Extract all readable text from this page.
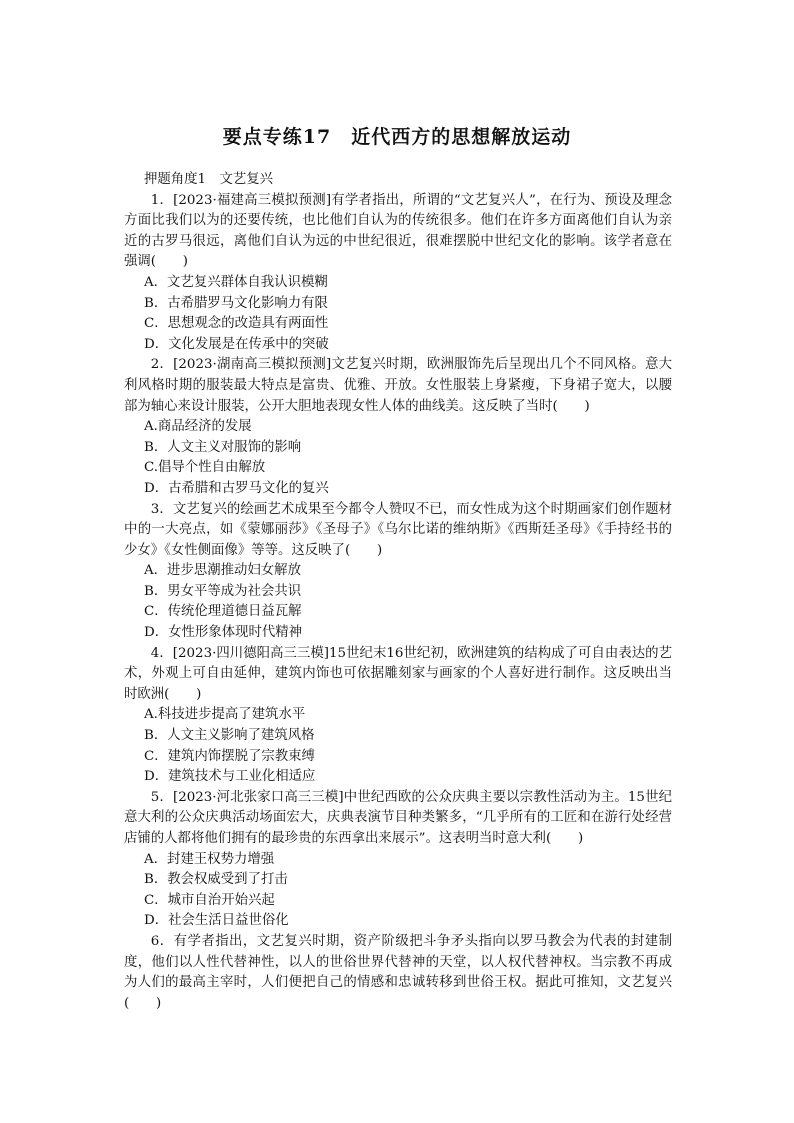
要点专练17　近代西方的思想解放运动

押题角度1　文艺复兴

1．[2023·福建高三模拟预测]有学者指出，所谓的“文艺复兴人”，在行为、预设及理念方面比我们以为的还要传统，也比他们自认为的传统很多。他们在许多方面离他们自认为亲近的古罗马很远，离他们自认为远的中世纪很近，很难摆脱中世纪文化的影响。该学者意在强调(　　)

A．文艺复兴群体自我认识模糊

B．古希腊罗马文化影响力有限

C．思想观念的改造具有两面性

D．文化发展是在传承中的突破

2．[2023·湖南高三模拟预测]文艺复兴时期，欧洲服饰先后呈现出几个不同风格。意大利风格时期的服装最大特点是富贵、优雅、开放。女性服装上身紧瘦，下身裙子宽大，以腰部为轴心来设计服装，公开大胆地表现女性人体的曲线美。这反映了当时(　　)

A.商品经济的发展

B．人文主义对服饰的影响

C.倡导个性自由解放

D．古希腊和古罗马文化的复兴

3．文艺复兴的绘画艺术成果至今都令人赞叹不已，而女性成为这个时期画家们创作题材中的一大亮点，如《蒙娜丽莎》《圣母子》《乌尔比诺的维纳斯》《西斯廷圣母》《手持经书的少女》《女性侧面像》等等。这反映了(　　)

A．进步思潮推动妇女解放

B．男女平等成为社会共识

C．传统伦理道德日益瓦解

D．女性形象体现时代精神

4．[2023·四川德阳高三三模]15世纪末16世纪初，欧洲建筑的结构成了可自由表达的艺术，外观上可自由延伸，建筑内饰也可依据雕刻家与画家的个人喜好进行制作。这反映出当时欧洲(　　)

A.科技进步提高了建筑水平

B．人文主义影响了建筑风格

C．建筑内饰摆脱了宗教束缚

D．建筑技术与工业化相适应

5．[2023·河北张家口高三三模]中世纪西欧的公众庆典主要以宗教性活动为主。15世纪意大利的公众庆典活动场面宏大，庆典表演节目种类繁多，“几乎所有的工匠和在游行处经营店铺的人都将他们拥有的最珍贵的东西拿出来展示”。这表明当时意大利(　　)

A．封建王权势力增强

B．教会权威受到了打击

C．城市自治开始兴起

D．社会生活日益世俗化

6．有学者指出，文艺复兴时期，资产阶级把斗争矛头指向以罗马教会为代表的封建制度，他们以人性代替神性，以人的世俗世界代替神的天堂，以人权代替神权。当宗教不再成为人们的最高主宰时，人们便把自己的情感和忠诚转移到世俗王权。据此可推知，文艺复兴(　　)
